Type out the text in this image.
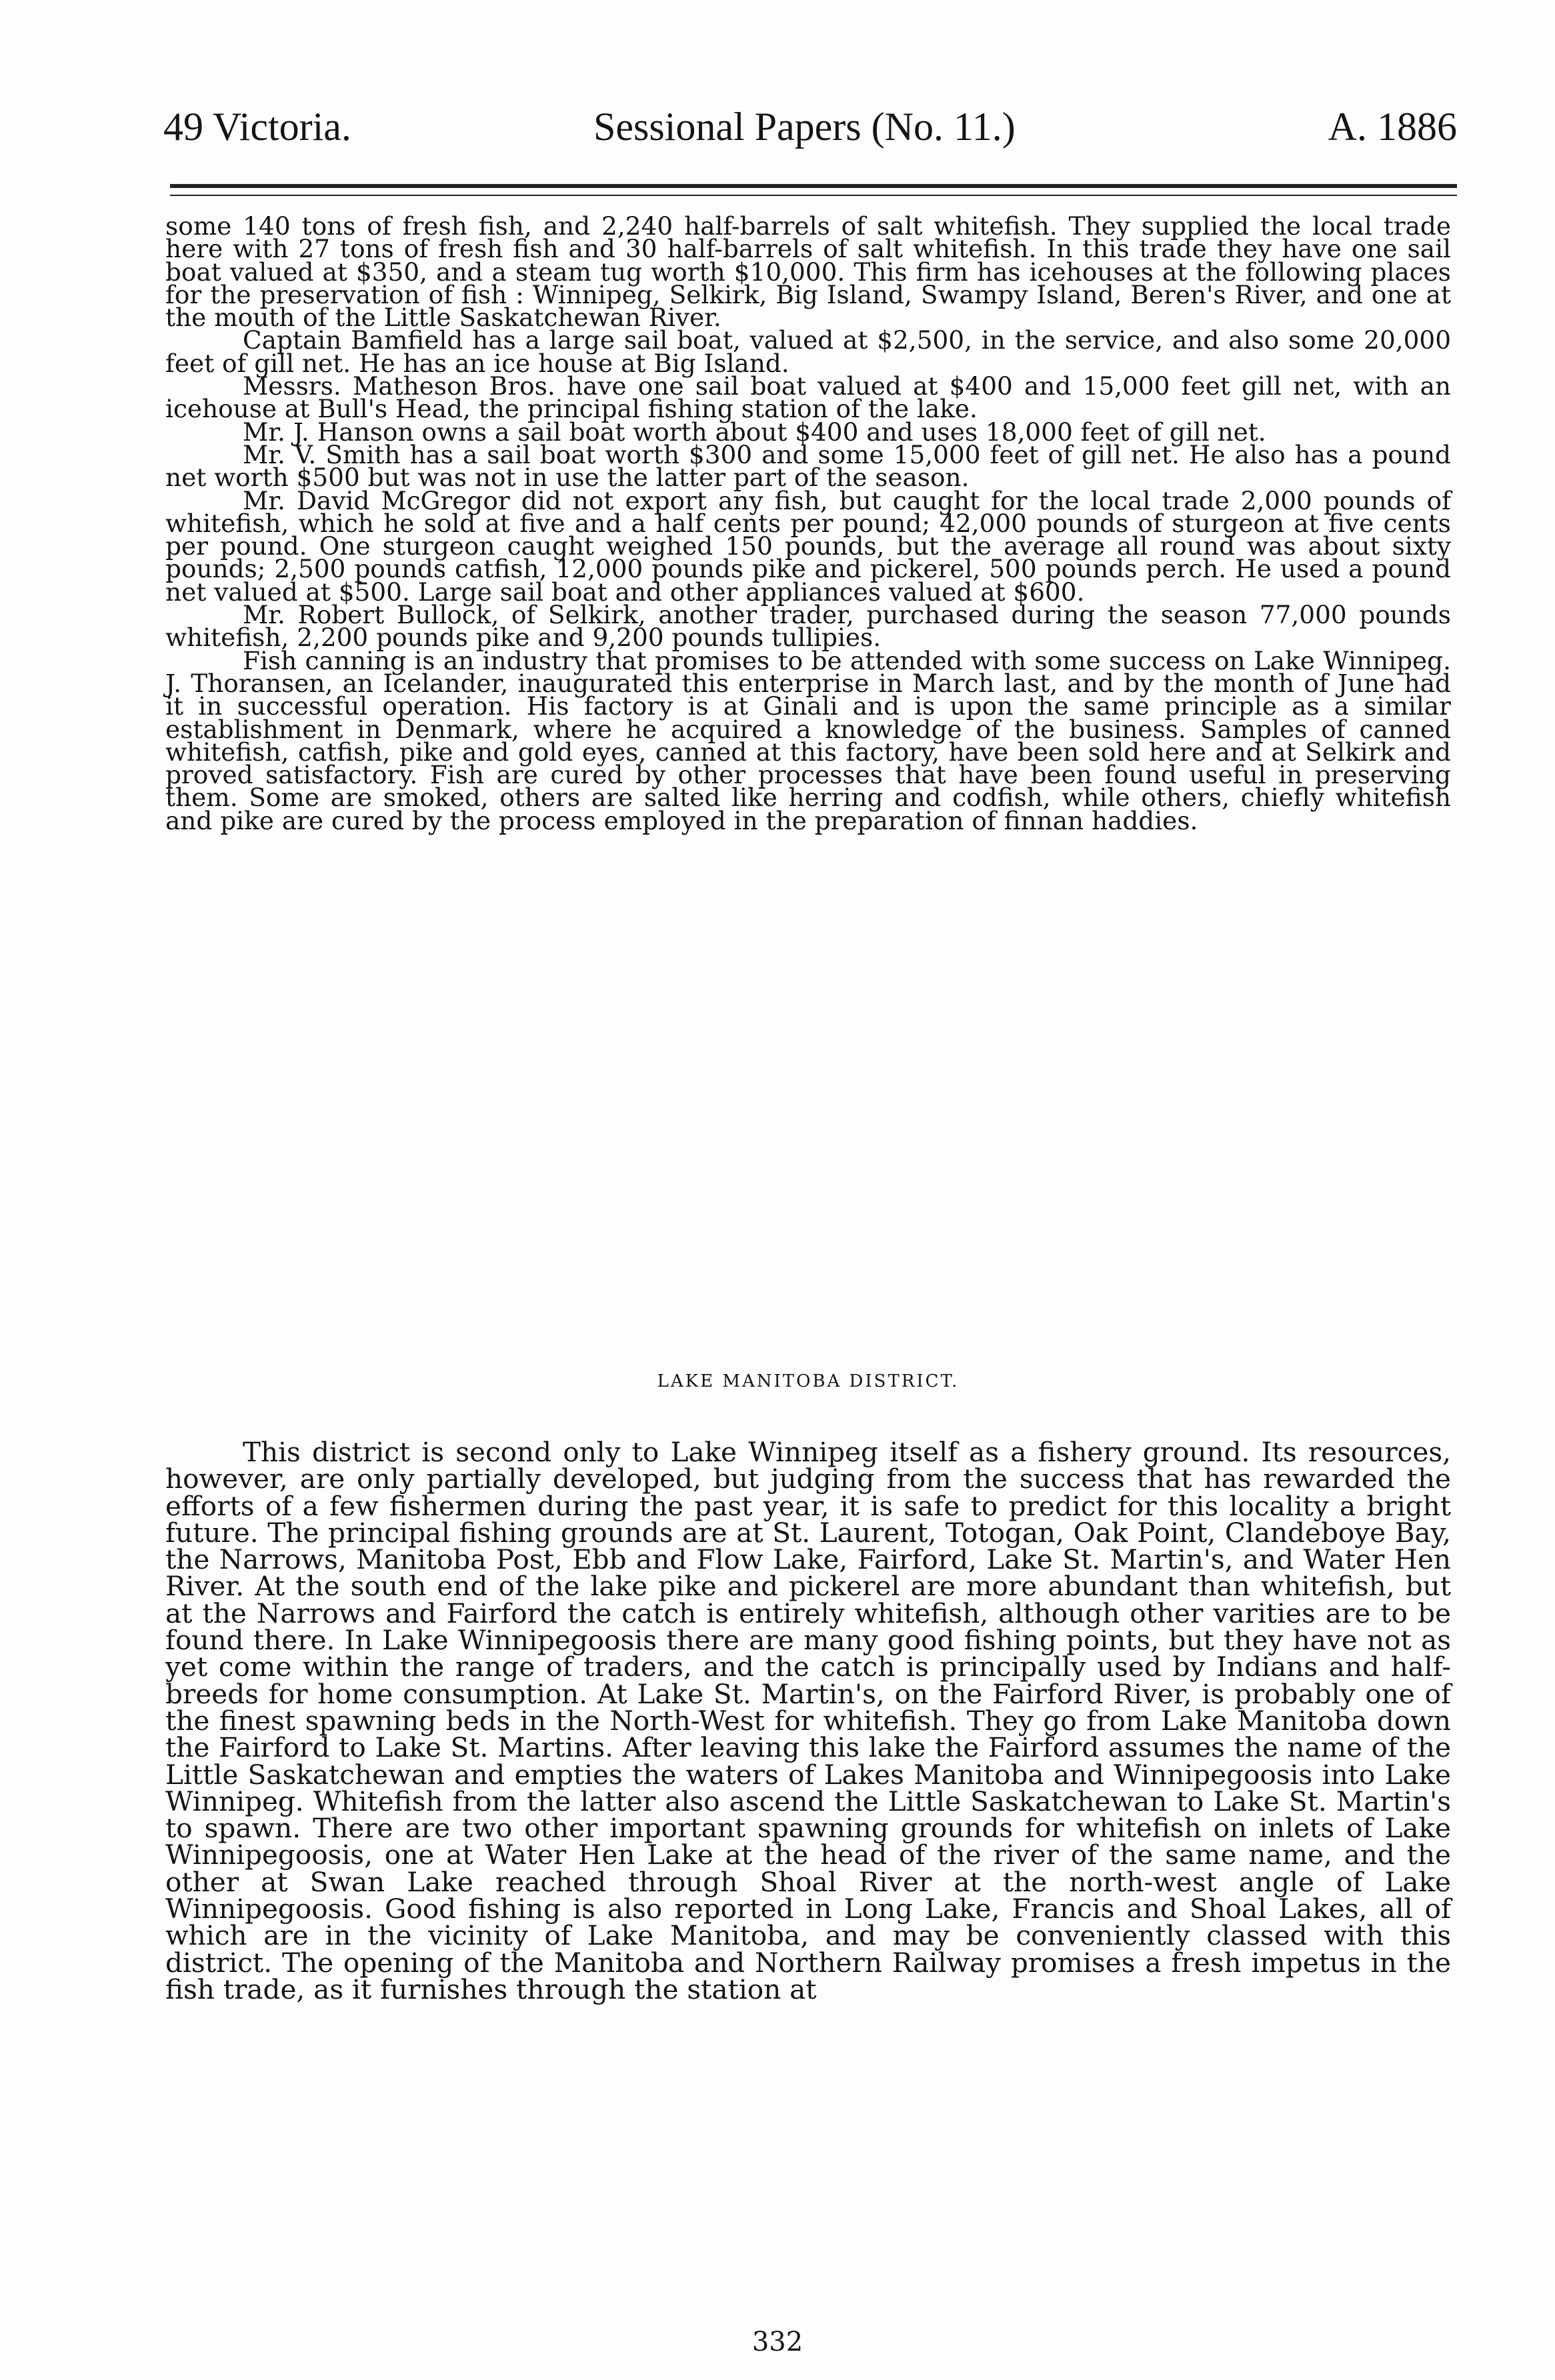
49 Victoria.	Sessional Papers (No. 11.)	A. 1886

some 140 tons of fresh fish, and 2,240 half-barrels of salt whitefish. They supplied the local trade here with 27 tons of fresh fish and 30 half-barrels of salt whitefish. In this trade they have one sail boat valued at $350, and a steam tug worth $10,000. This firm has icehouses at the following places for the preservation of fish : Winnipeg, Selkirk, Big Island, Swampy Island, Beren's River, and one at the mouth of the Little Saskatchewan River.

Captain Bamfield has a large sail boat, valued at $2,500, in the service, and also some 20,000 feet of gill net. He has an ice house at Big Island.

Messrs. Matheson Bros. have one sail boat valued at $400 and 15,000 feet gill net, with an icehouse at Bull's Head, the principal fishing station of the lake.

Mr. J. Hanson owns a sail boat worth about $400 and uses 18,000 feet of gill net.

Mr. V. Smith has a sail boat worth $300 and some 15,000 feet of gill net. He also has a pound net worth $500 but was not in use the latter part of the season.

Mr. David McGregor did not export any fish, but caught for the local trade 2,000 pounds of whitefish, which he sold at five and a half cents per pound; 42,000 pounds of sturgeon at five cents per pound. One sturgeon caught weighed 150 pounds, but the average all round was about sixty pounds; 2,500 pounds catfish, 12,000 pounds pike and pickerel, 500 pounds perch. He used a pound net valued at $500. Large sail boat and other appliances valued at $600.

Mr. Robert Bullock, of Selkirk, another trader, purchased during the season 77,000 pounds whitefish, 2,200 pounds pike and 9,200 pounds tullipies.

Fish canning is an industry that promises to be attended with some success on Lake Winnipeg. J. Thoransen, an Icelander, inaugurated this enterprise in March last, and by the month of June had it in successful operation. His factory is at Ginali and is upon the same principle as a similar establishment in Denmark, where he acquired a knowledge of the business. Samples of canned whitefish, catfish, pike and gold eyes, canned at this factory, have been sold here and at Selkirk and proved satisfactory. Fish are cured by other processes that have been found useful in preserving them. Some are smoked, others are salted like herring and codfish, while others, chiefly whitefish and pike are cured by the process employed in the preparation of finnan haddies.

LAKE MANITOBA DISTRICT.

This district is second only to Lake Winnipeg itself as a fishery ground. Its resources, however, are only partially developed, but judging from the success that has rewarded the efforts of a few fishermen during the past year, it is safe to predict for this locality a bright future. The principal fishing grounds are at St. Laurent, Totogan, Oak Point, Clandeboye Bay, the Narrows, Manitoba Post, Ebb and Flow Lake, Fairford, Lake St. Martin's, and Water Hen River. At the south end of the lake pike and pickerel are more abundant than whitefish, but at the Narrows and Fairford the catch is entirely whitefish, although other varities are to be found there. In Lake Winnipegoosis there are many good fishing points, but they have not as yet come within the range of traders, and the catch is principally used by Indians and half-breeds for home consumption. At Lake St. Martin's, on the Fairford River, is probably one of the finest spawning beds in the North-West for whitefish. They go from Lake Manitoba down the Fairford to Lake St. Martins. After leaving this lake the Fairford assumes the name of the Little Saskatchewan and empties the waters of Lakes Manitoba and Winnipegoosis into Lake Winnipeg. Whitefish from the latter also ascend the Little Saskatchewan to Lake St. Martin's to spawn. There are two other important spawning grounds for whitefish on inlets of Lake Winnipegoosis, one at Water Hen Lake at the head of the river of the same name, and the other at Swan Lake reached through Shoal River at the north-west angle of Lake Winnipegoosis. Good fishing is also reported in Long Lake, Francis and Shoal Lakes, all of which are in the vicinity of Lake Manitoba, and may be conveniently classed with this district. The opening of the Manitoba and Northern Railway promises a fresh impetus in the fish trade, as it furnishes through the station at

332
